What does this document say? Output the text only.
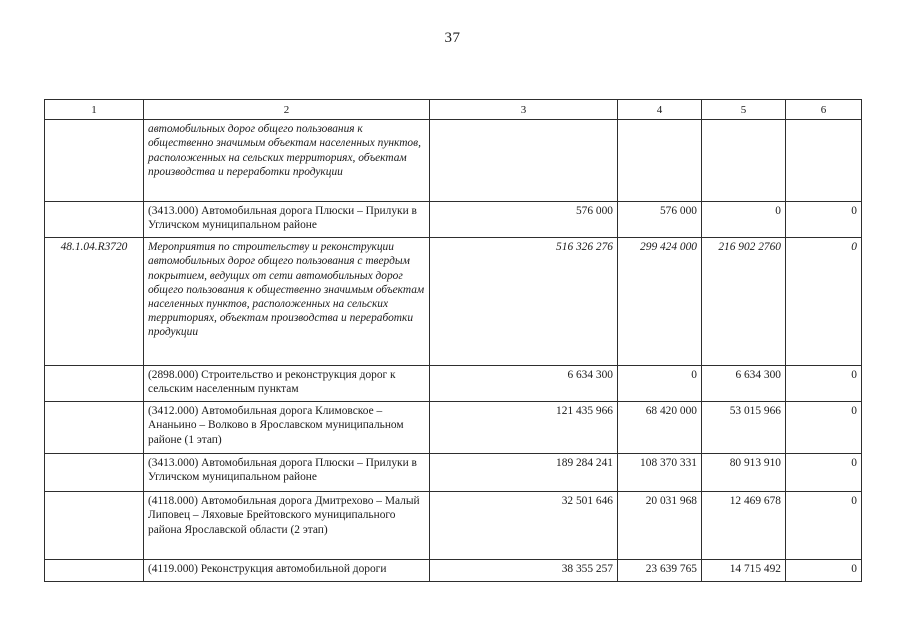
37
1	2	3	4	5	6
	автомобильных дорог общего пользования к общественно значимым объектам населенных пунктов, расположенных на сельских территориях, объектам производства и переработки продукции				
	(3413.000) Автомобильная дорога Плюски – Прилуки в Угличском муниципальном районе	576 000	576 000	0	0
48.1.04.R3720	Мероприятия по строительству и реконструкции автомобильных дорог общего пользования с твердым покрытием, ведущих от сети автомобильных дорог общего пользования к общественно значимым объектам населенных пунктов, расположенных на сельских территориях, объектам производства и переработки продукции	516 326 276	299 424 000	216 902 2760	0
	(2898.000) Строительство и реконструкция дорог к сельским населенным пунктам	6 634 300	0	6 634 300	0
	(3412.000) Автомобильная дорога Климовское – Ананьино – Волково в Ярославском муниципальном районе (1 этап)	121 435 966	68 420 000	53 015 966	0
	(3413.000) Автомобильная дорога Плюски – Прилуки в Угличском муниципальном районе	189 284 241	108 370 331	80 913 910	0
	(4118.000) Автомобильная дорога Дмитрехово – Малый Липовец – Ляховые Брейтовского муниципального района Ярославской области (2 этап)	32 501 646	20 031 968	12 469 678	0
	(4119.000) Реконструкция автомобильной дороги	38 355 257	23 639 765	14 715 492	0
